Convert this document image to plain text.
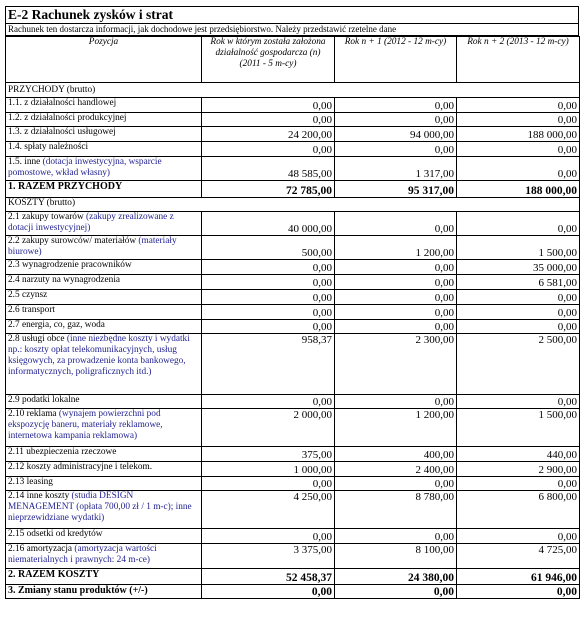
E-2 Rachunek zysków i strat
Rachunek ten dostarcza informacji, jak dochodowe jest przedsiębiorstwo. Należy przedstawić rzetelne dane
Pozycja	Rok w którym została założona działalność gospodarcza (n) (2011 - 5 m-cy)	Rok n + 1 (2012 - 12 m-cy)	Rok n + 2 (2013 - 12 m-cy)
PRZYCHODY (brutto)			
1.1. z działalności handlowej	0,00	0,00	0,00
1.2. z działalności produkcyjnej	0,00	0,00	0,00
1.3. z działalności usługowej	24 200,00	94 000,00	188 000,00
1.4. spłaty należności	0,00	0,00	0,00
1.5. inne (dotacja inwestycyjna, wsparcie pomostowe, wkład własny)	48 585,00	1 317,00	0,00
1. RAZEM PRZYCHODY	72 785,00	95 317,00	188 000,00
KOSZTY (brutto)			
2.1 zakupy towarów (zakupy zrealizowane z dotacji inwestycyjnej)	40 000,00	0,00	0,00
2.2 zakupy surowców/ materiałów (materiały biurowe)	500,00	1 200,00	1 500,00
2.3 wynagrodzenie pracowników	0,00	0,00	35 000,00
2.4 narzuty na wynagrodzenia	0,00	0,00	6 581,00
2.5 czynsz	0,00	0,00	0,00
2.6 transport	0,00	0,00	0,00
2.7 energia, co, gaz, woda	0,00	0,00	0,00
2.8 usługi obce (inne niezbędne koszty i wydatki np.: koszty opłat telekomunikacyjnych, usług księgowych, za prowadzenie konta bankowego, informatycznych, poligraficznych itd.)	958,37	2 300,00	2 500,00
2.9 podatki lokalne	0,00	0,00	0,00
2.10 reklama (wynajem powierzchni pod ekspozycję baneru, materiały reklamowe, internetowa kampania reklamowa)	2 000,00	1 200,00	1 500,00
2.11 ubezpieczenia rzeczowe	375,00	400,00	440,00
2.12 koszty administracyjne i telekom.	1 000,00	2 400,00	2 900,00
2.13 leasing	0,00	0,00	0,00
2.14 inne koszty (studia DESIGN MENAGEMENT (opłata 700,00 zł / 1 m-c); inne nieprzewidziane wydatki)	4 250,00	8 780,00	6 800,00
2.15 odsetki od kredytów	0,00	0,00	0,00
2.16 amortyzacja (amortyzacja wartości niematerialnych i prawnych: 24 m-ce)	3 375,00	8 100,00	4 725,00
2. RAZEM KOSZTY	52 458,37	24 380,00	61 946,00
3. Zmiany stanu produktów (+/-)	0,00	0,00	0,00
